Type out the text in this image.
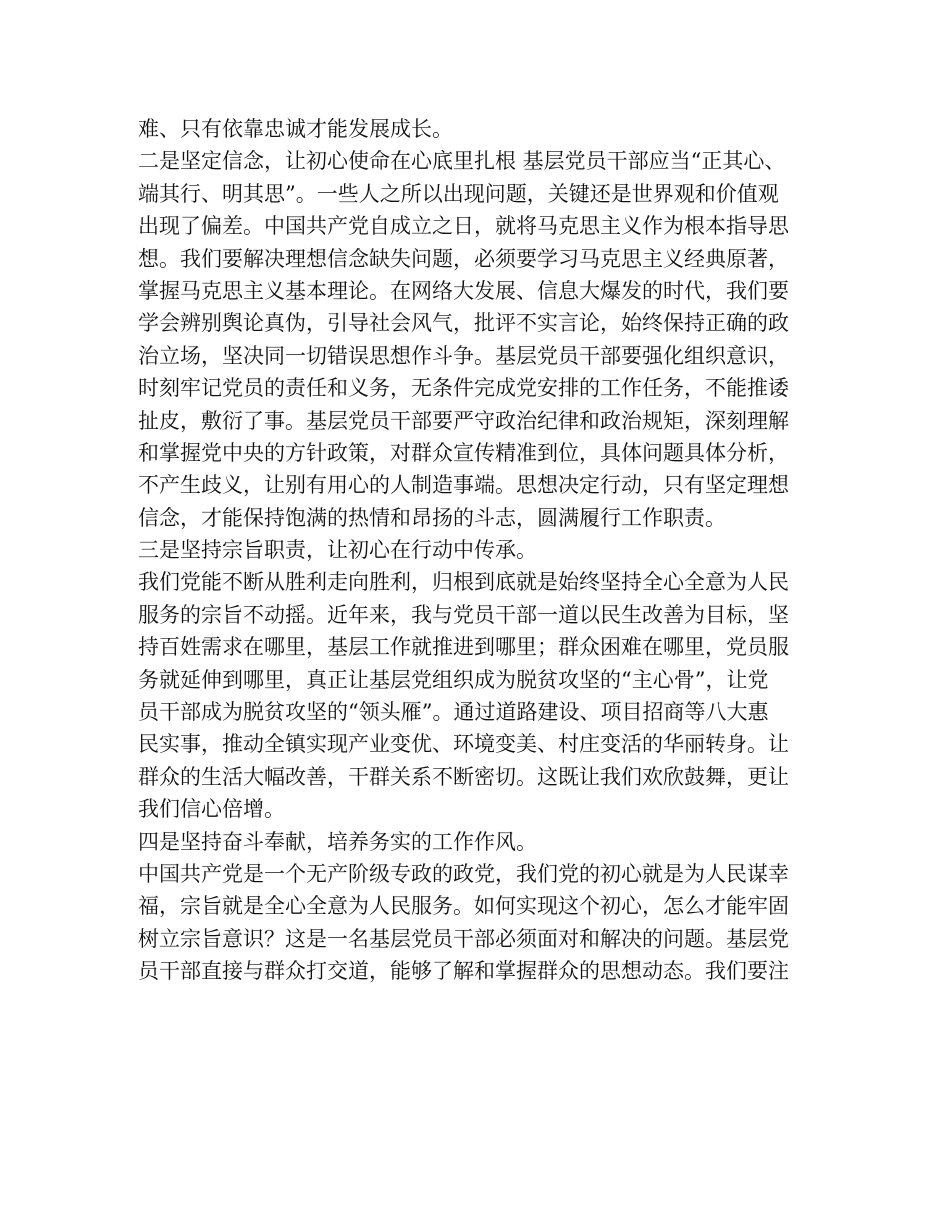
难、只有依靠忠诚才能发展成长。
二是坚定信念，让初心使命在心底里扎根 基层党员干部应当“正其心、
端其行、明其思”。一些人之所以出现问题，关键还是世界观和价值观
出现了偏差。中国共产党自成立之日，就将马克思主义作为根本指导思
想。我们要解决理想信念缺失问题，必须要学习马克思主义经典原著，
掌握马克思主义基本理论。在网络大发展、信息大爆发的时代，我们要
学会辨别舆论真伪，引导社会风气，批评不实言论，始终保持正确的政
治立场，坚决同一切错误思想作斗争。基层党员干部要强化组织意识，
时刻牢记党员的责任和义务，无条件完成党安排的工作任务，不能推诿
扯皮，敷衍了事。基层党员干部要严守政治纪律和政治规矩，深刻理解
和掌握党中央的方针政策，对群众宣传精准到位，具体问题具体分析，
不产生歧义，让别有用心的人制造事端。思想决定行动，只有坚定理想
信念，才能保持饱满的热情和昂扬的斗志，圆满履行工作职责。
三是坚持宗旨职责，让初心在行动中传承。
我们党能不断从胜利走向胜利，归根到底就是始终坚持全心全意为人民
服务的宗旨不动摇。近年来，我与党员干部一道以民生改善为目标，坚
持百姓需求在哪里，基层工作就推进到哪里；群众困难在哪里，党员服
务就延伸到哪里，真正让基层党组织成为脱贫攻坚的“主心骨”，让党
员干部成为脱贫攻坚的“领头雁”。通过道路建设、项目招商等八大惠
民实事，推动全镇实现产业变优、环境变美、村庄变活的华丽转身。让
群众的生活大幅改善，干群关系不断密切。这既让我们欢欣鼓舞，更让
我们信心倍增。
四是坚持奋斗奉献，培养务实的工作作风。
中国共产党是一个无产阶级专政的政党，我们党的初心就是为人民谋幸
福，宗旨就是全心全意为人民服务。如何实现这个初心，怎么才能牢固
树立宗旨意识？这是一名基层党员干部必须面对和解决的问题。基层党
员干部直接与群众打交道，能够了解和掌握群众的思想动态。我们要注
